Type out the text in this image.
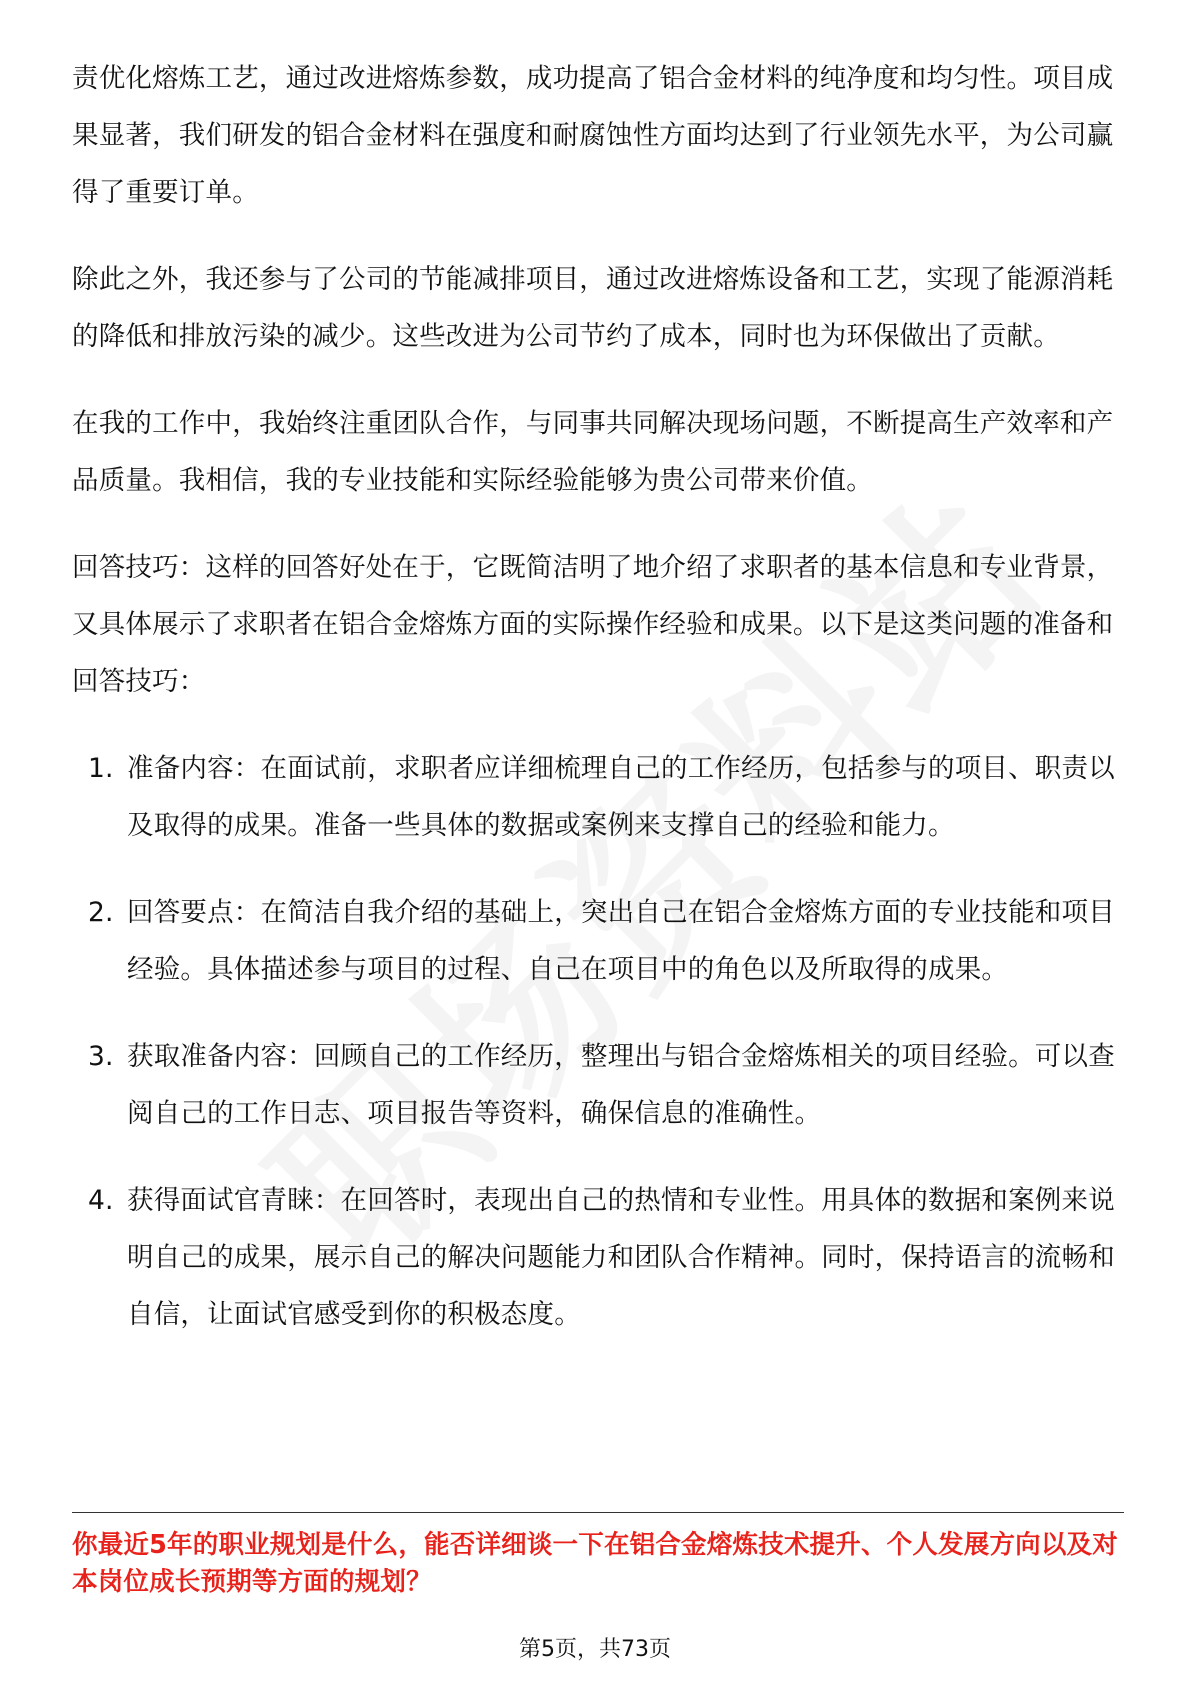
责优化熔炼工艺，通过改进熔炼参数，成功提高了铝合金材料的纯净度和均匀性。项目成果显著，我们研发的铝合金材料在强度和耐腐蚀性方面均达到了行业领先水平，为公司赢得了重要订单。

除此之外，我还参与了公司的节能减排项目，通过改进熔炼设备和工艺，实现了能源消耗的降低和排放污染的减少。这些改进为公司节约了成本，同时也为环保做出了贡献。

在我的工作中，我始终注重团队合作，与同事共同解决现场问题，不断提高生产效率和产品质量。我相信，我的专业技能和实际经验能够为贵公司带来价值。

回答技巧：这样的回答好处在于，它既简洁明了地介绍了求职者的基本信息和专业背景，又具体展示了求职者在铝合金熔炼方面的实际操作经验和成果。以下是这类问题的准备和回答技巧：

1. 准备内容：在面试前，求职者应详细梳理自己的工作经历，包括参与的项目、职责以及取得的成果。准备一些具体的数据或案例来支撑自己的经验和能力。
2. 回答要点：在简洁自我介绍的基础上，突出自己在铝合金熔炼方面的专业技能和项目经验。具体描述参与项目的过程、自己在项目中的角色以及所取得的成果。
3. 获取准备内容：回顾自己的工作经历，整理出与铝合金熔炼相关的项目经验。可以查阅自己的工作日志、项目报告等资料，确保信息的准确性。
4. 获得面试官青睐：在回答时，表现出自己的热情和专业性。用具体的数据和案例来说明自己的成果，展示自己的解决问题能力和团队合作精神。同时，保持语言的流畅和自信，让面试官感受到你的积极态度。
你最近5年的职业规划是什么，能否详细谈一下在铝合金熔炼技术提升、个人发展方向以及对本岗位成长预期等方面的规划？
第5页，共73页
